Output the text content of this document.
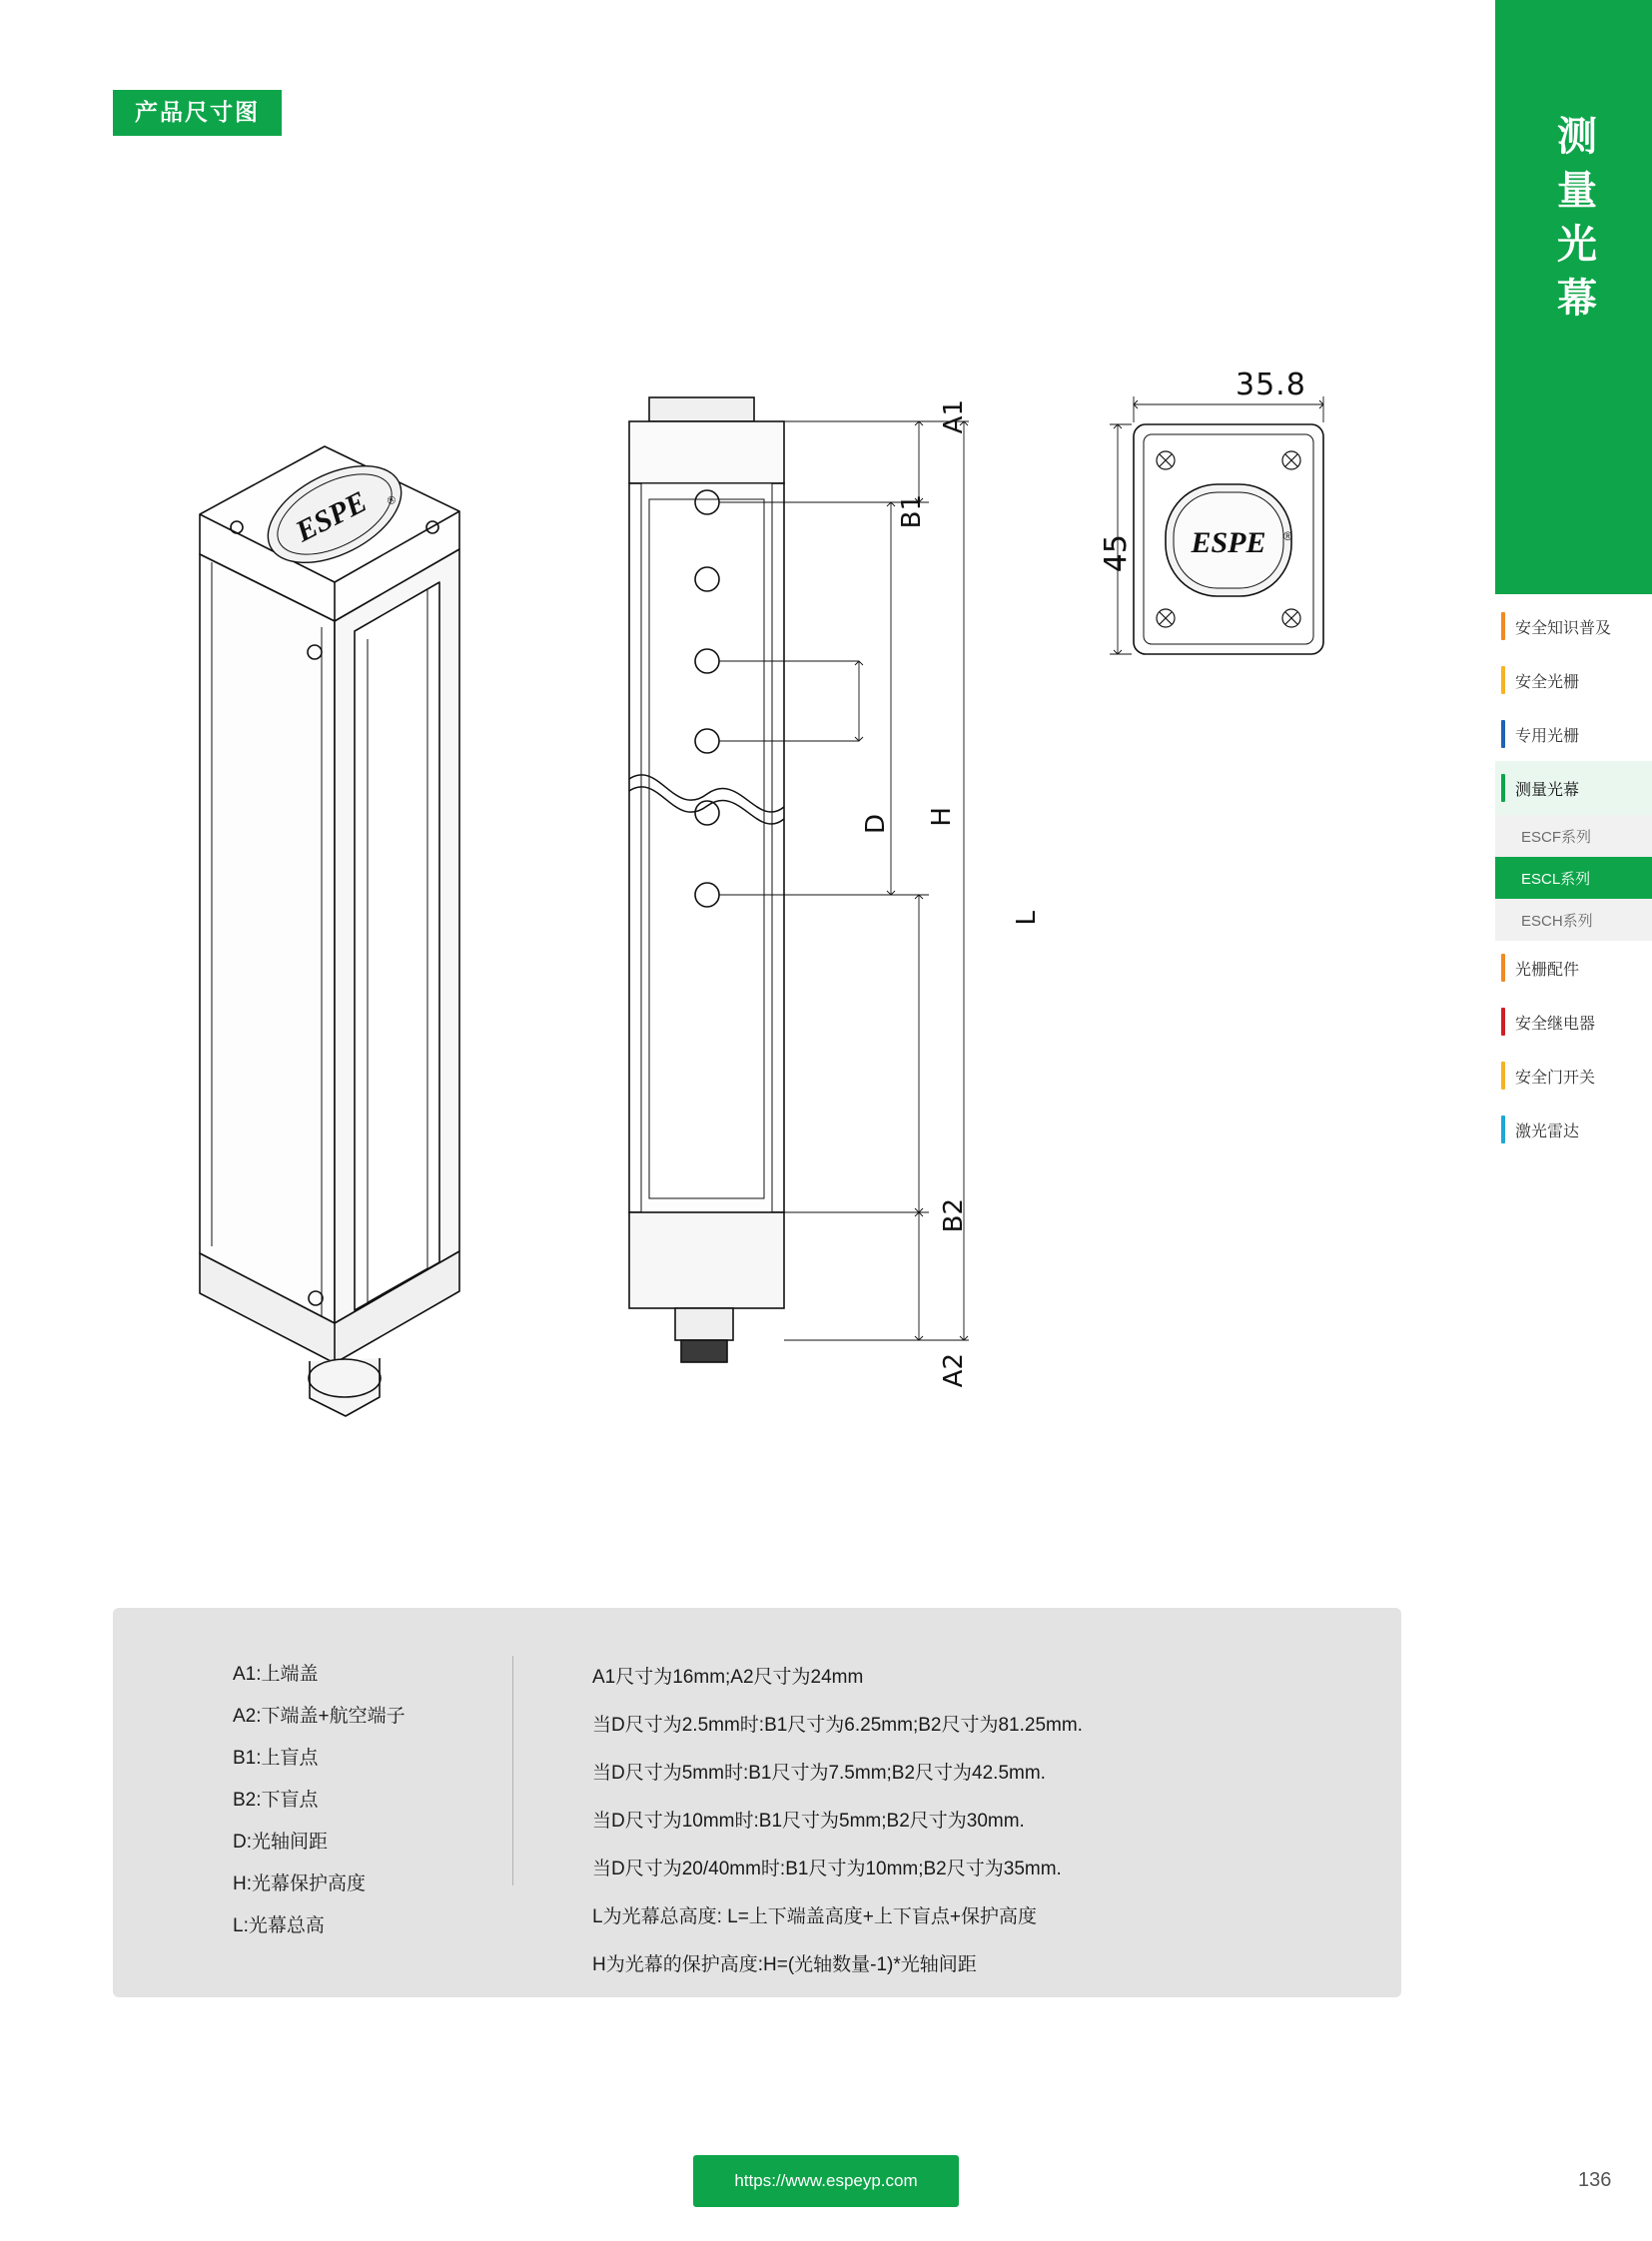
产品尺寸图
ESPE ®
A1
B1
D H
L
B2
A2
35.8
45
ESPE ®
A1:上端盖
A2:下端盖+航空端子
B1:上盲点
B2:下盲点
D:光轴间距
H:光幕保护高度
L:光幕总高
A1尺寸为16mm;A2尺寸为24mm
当D尺寸为2.5mm时:B1尺寸为6.25mm;B2尺寸为81.25mm.
当D尺寸为5mm时:B1尺寸为7.5mm;B2尺寸为42.5mm.
当D尺寸为10mm时:B1尺寸为5mm;B2尺寸为30mm.
当D尺寸为20/40mm时:B1尺寸为10mm;B2尺寸为35mm.
L为光幕总高度: L=上下端盖高度+上下盲点+保护高度
H为光幕的保护高度:H=(光轴数量-1)*光轴间距
测量光幕
安全知识普及
安全光栅
专用光栅
测量光幕
ESCF系列
ESCL系列
ESCH系列
光栅配件
安全继电器
安全门开关
激光雷达
https://www.espeyp.com	136
